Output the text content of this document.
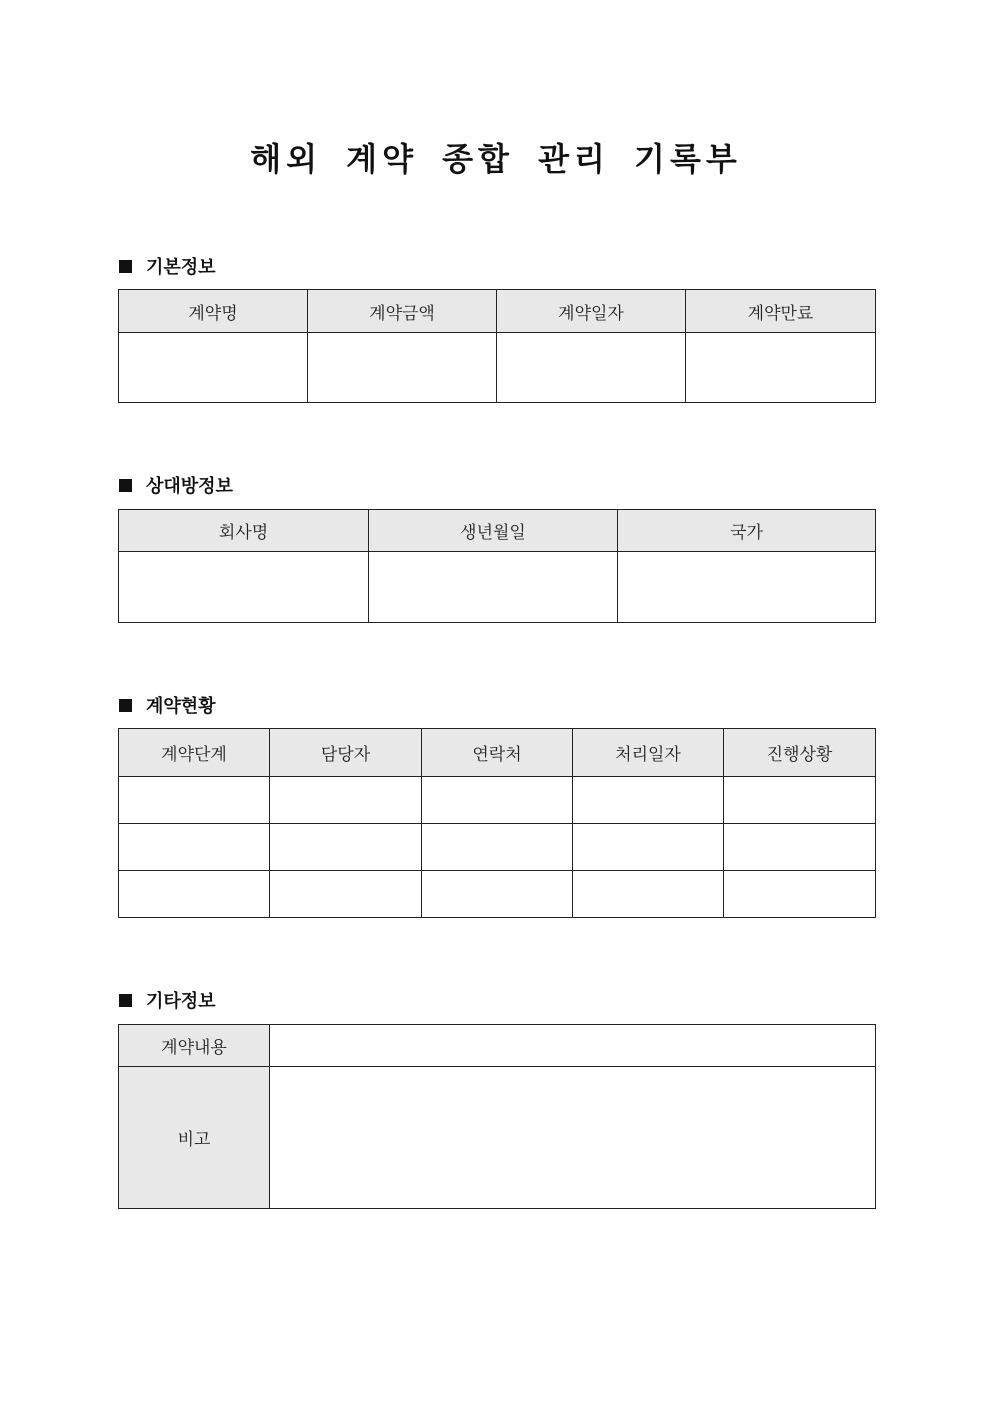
해외 계약 종합 관리 기록부
기본정보
계약명	계약금액	계약일자	계약만료

상대방정보
회사명	생년월일	국가

계약현황
계약단계	담당자	연락처	처리일자	진행상황

기타정보
계약내용	
비고	
